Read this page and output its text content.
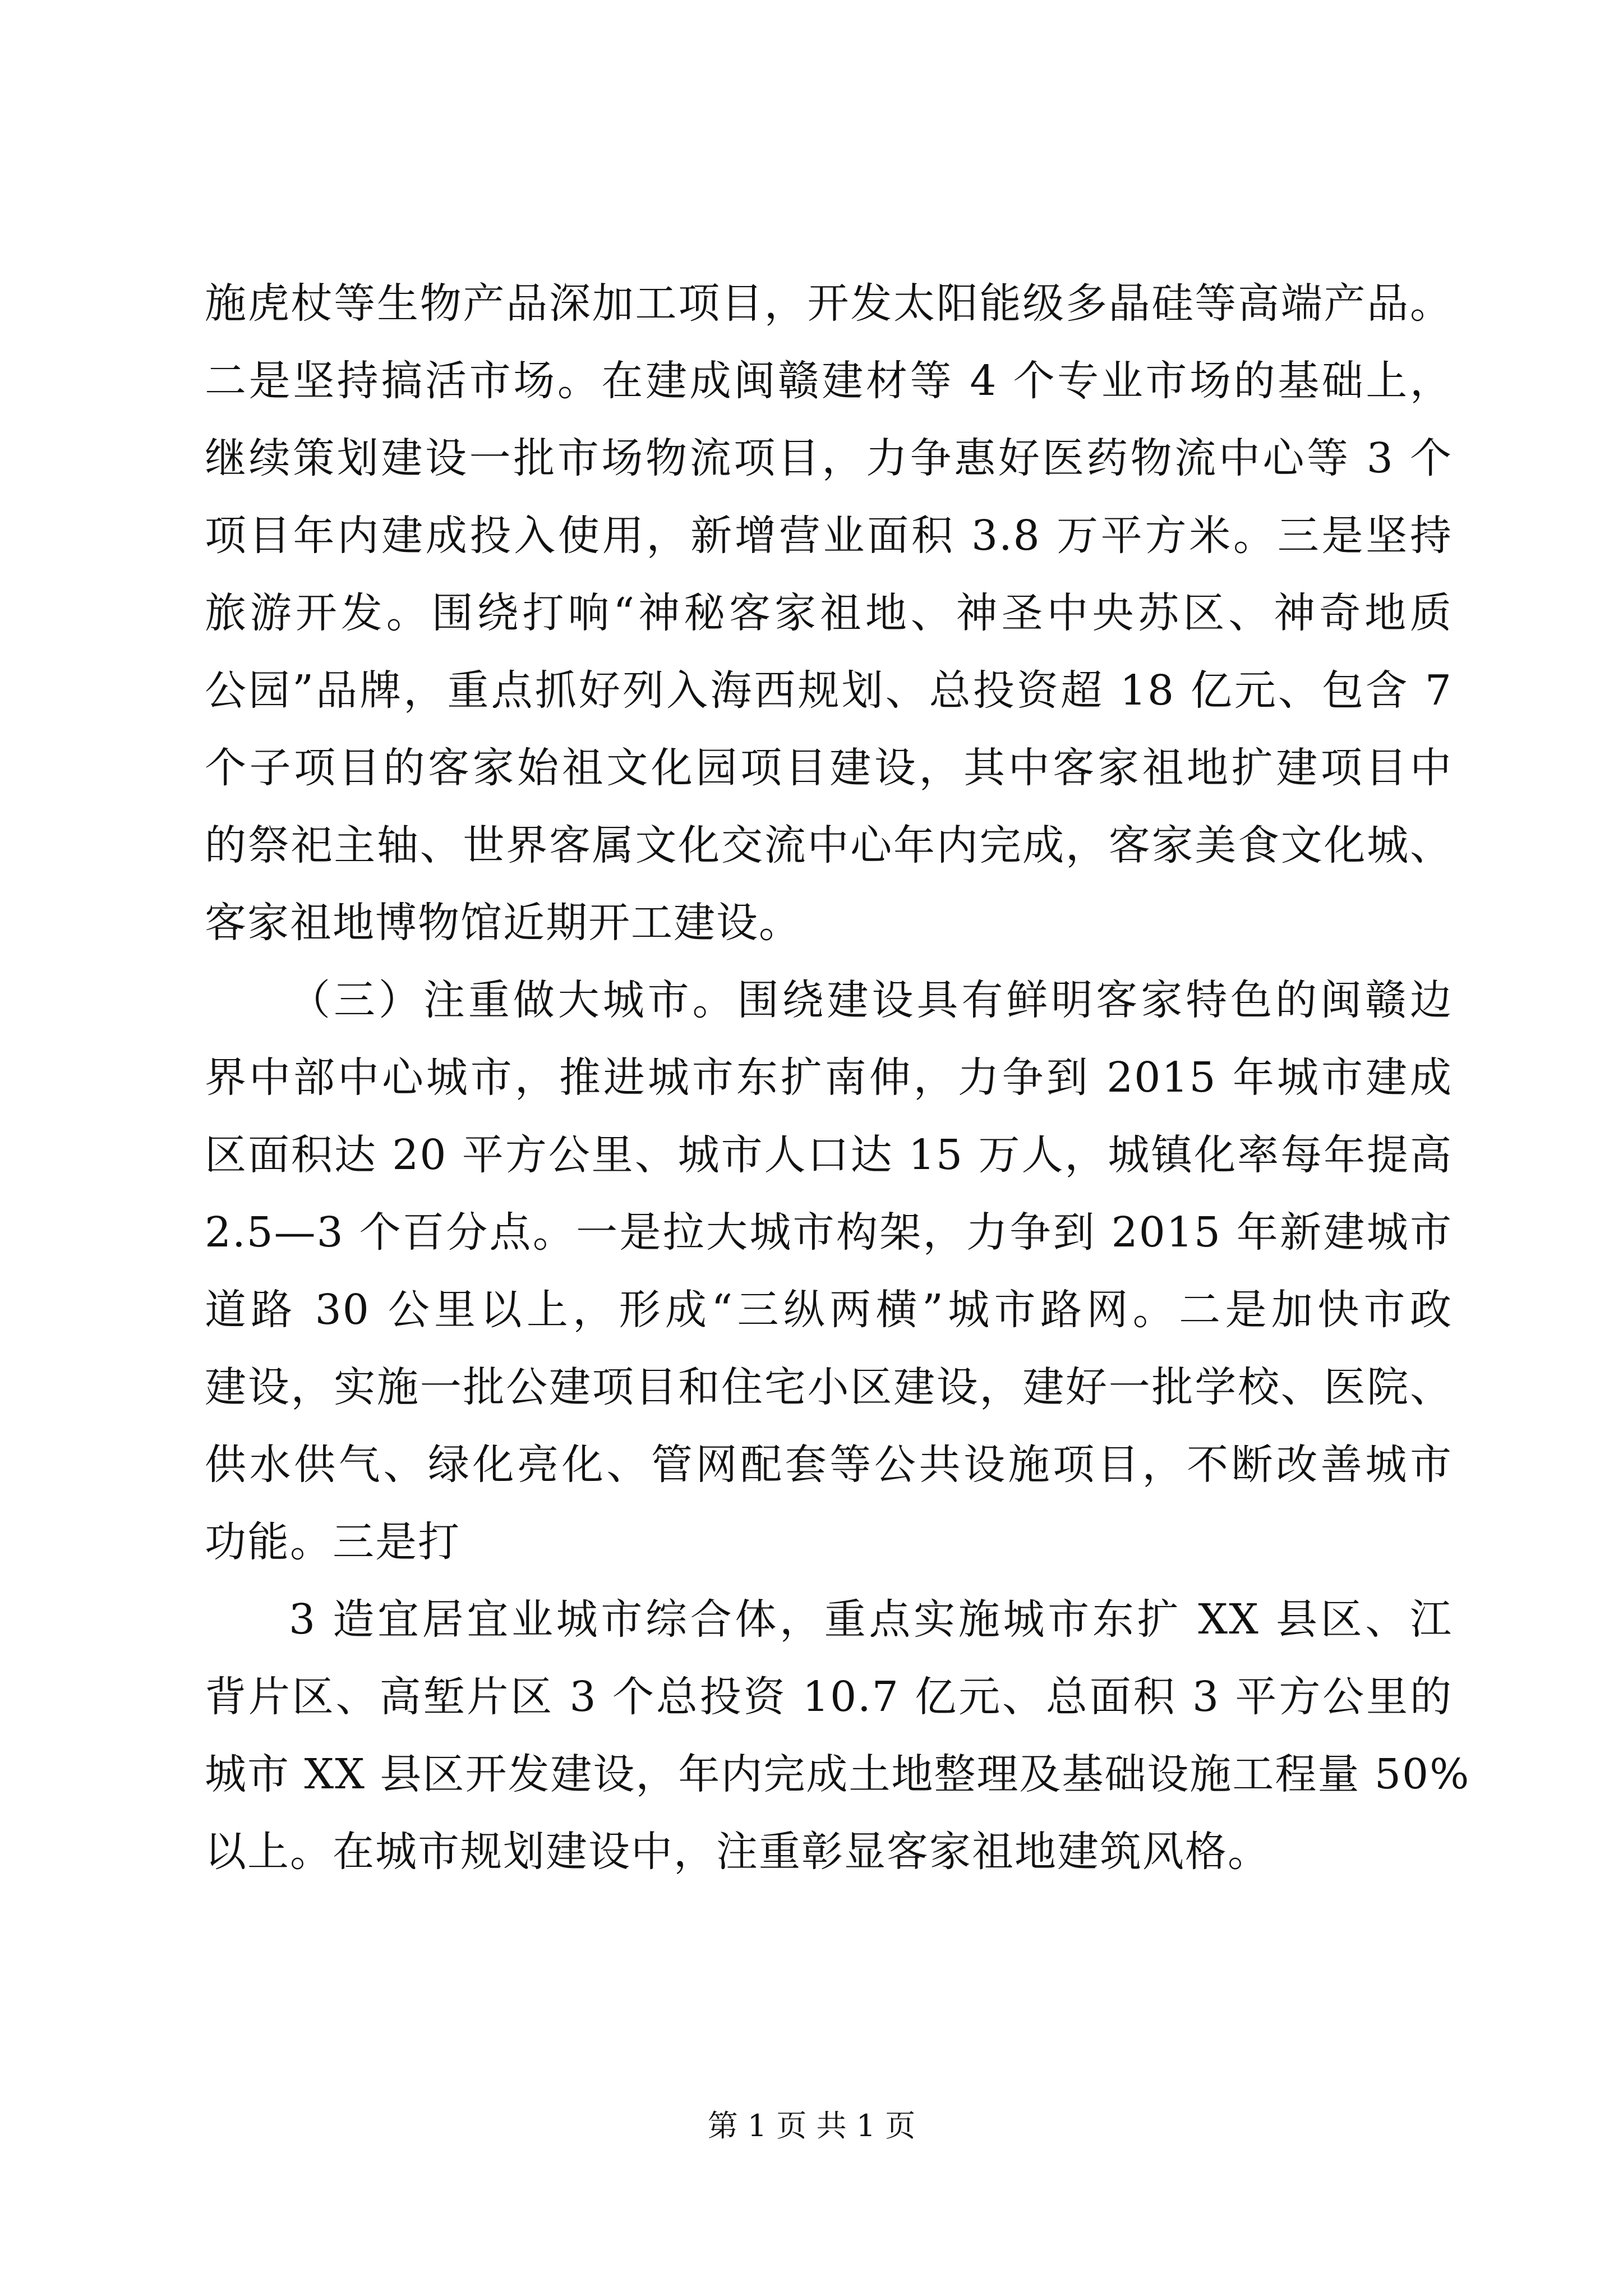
施虎杖等生物产品深加工项目，开发太阳能级多晶硅等高端产品。
二是坚持搞活市场。在建成闽赣建材等 4 个专业市场的基础上，
继续策划建设一批市场物流项目，力争惠好医药物流中心等 3 个
项目年内建成投入使用，新增营业面积 3.8 万平方米。三是坚持
旅游开发。围绕打响“神秘客家祖地、神圣中央苏区、神奇地质
公园”品牌，重点抓好列入海西规划、总投资超 18 亿元、包含 7
个子项目的客家始祖文化园项目建设，其中客家祖地扩建项目中
的祭祀主轴、世界客属文化交流中心年内完成，客家美食文化城、
客家祖地博物馆近期开工建设。
（三）注重做大城市。围绕建设具有鲜明客家特色的闽赣边
界中部中心城市，推进城市东扩南伸，力争到 2015 年城市建成
区面积达 20 平方公里、城市人口达 15 万人，城镇化率每年提高
2.5—3 个百分点。一是拉大城市构架，力争到 2015 年新建城市
道路 30 公里以上，形成“三纵两横”城市路网。二是加快市政
建设，实施一批公建项目和住宅小区建设，建好一批学校、医院、
供水供气、绿化亮化、管网配套等公共设施项目，不断改善城市
功能。三是打
3 造宜居宜业城市综合体，重点实施城市东扩 XX 县区、江
背片区、高堑片区 3 个总投资 10.7 亿元、总面积 3 平方公里的
城市 XX 县区开发建设，年内完成土地整理及基础设施工程量 50%
以上。在城市规划建设中，注重彰显客家祖地建筑风格。
第 1 页 共 1 页
